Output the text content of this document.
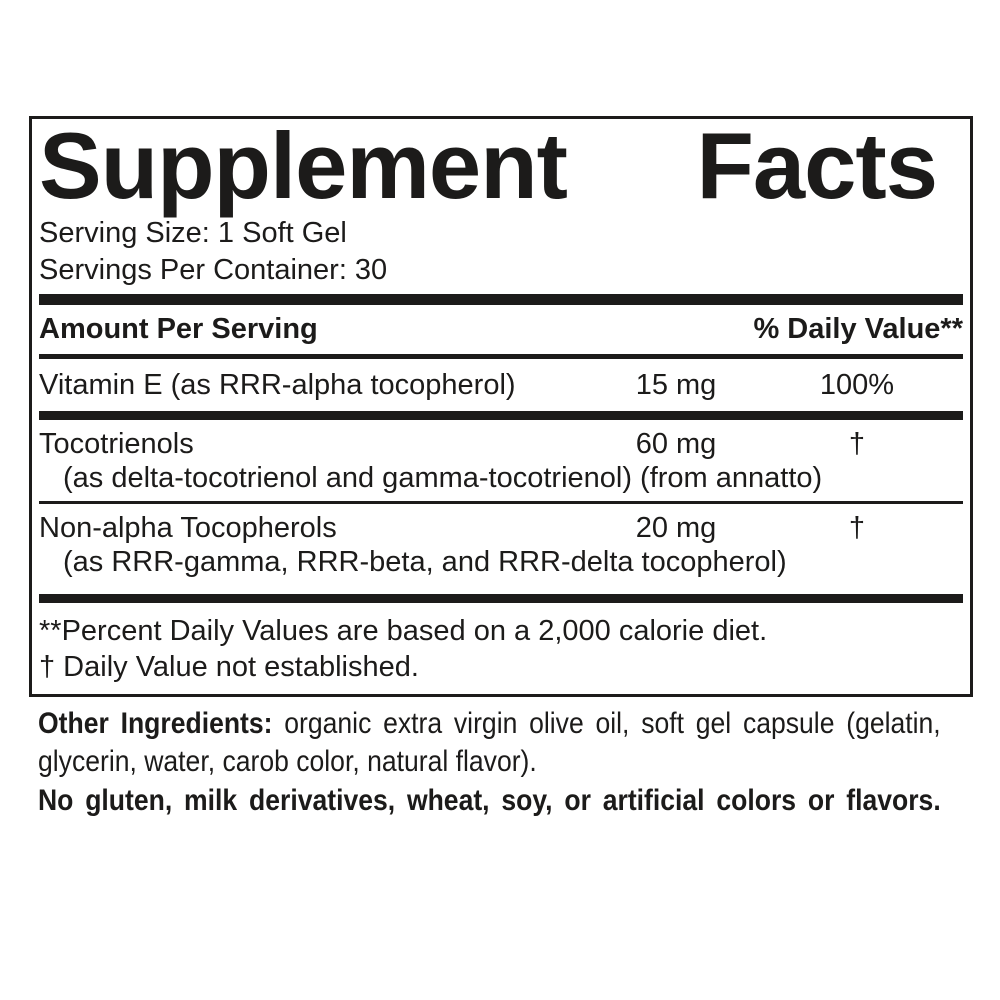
Supplement Facts
Serving Size: 1 Soft Gel
Servings Per Container: 30
Amount Per Serving	% Daily Value**
Vitamin E (as RRR-alpha tocopherol)	15 mg	100%
Tocotrienols	60 mg	†
(as delta-tocotrienol and gamma-tocotrienol) (from annatto)
Non-alpha Tocopherols	20 mg	†
(as RRR-gamma, RRR-beta, and RRR-delta tocopherol)
**Percent Daily Values are based on a 2,000 calorie diet.
† Daily Value not established.
Other Ingredients: organic extra virgin olive oil, soft gel capsule (gelatin,
glycerin, water, carob color, natural flavor).
No gluten, milk derivatives, wheat, soy, or artificial colors or flavors.
